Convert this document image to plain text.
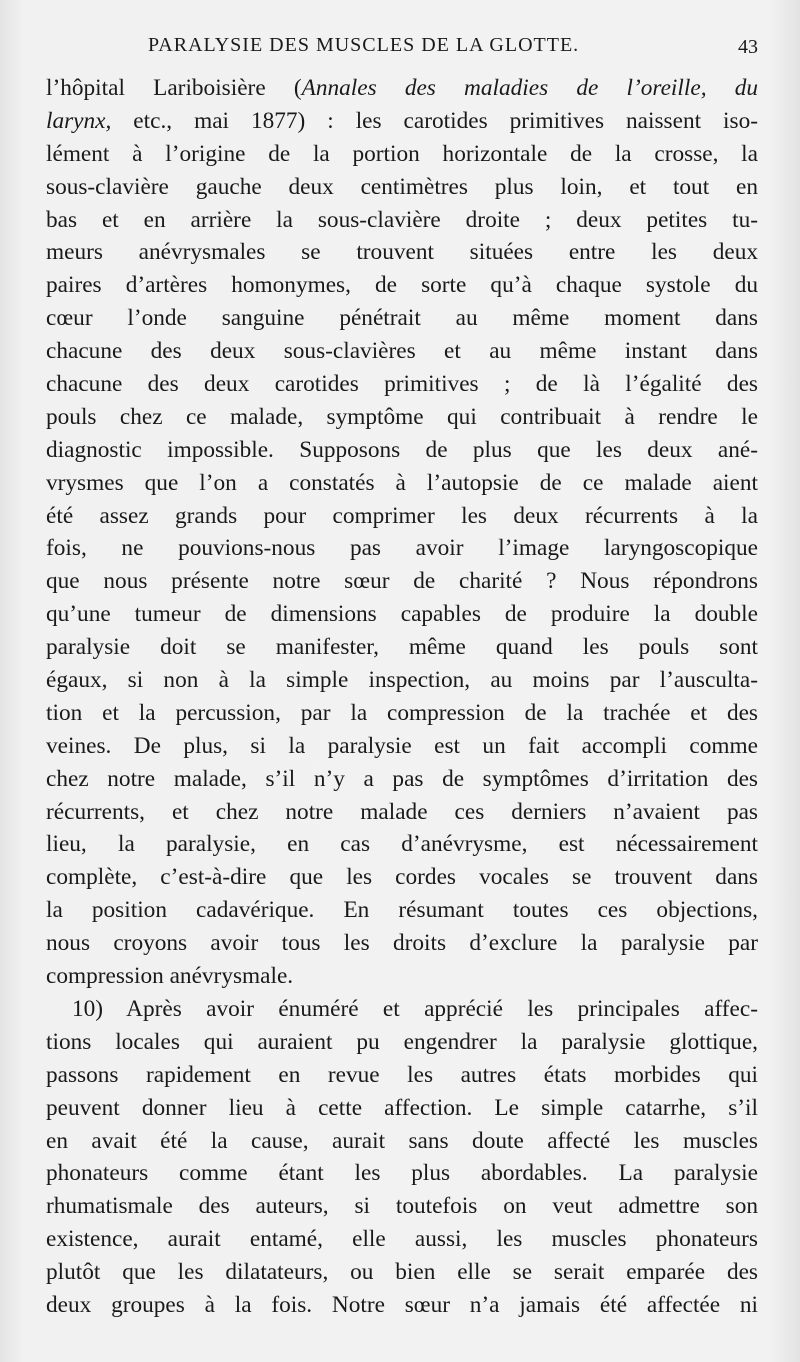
PARALYSIE DES MUSCLES DE LA GLOTTE.	43
l’hôpital Lariboisière (Annales des maladies de l’oreille, du
larynx, etc., mai 1877) : les carotides primitives naissent iso-
lément à l’origine de la portion horizontale de la crosse, la
sous-clavière gauche deux centimètres plus loin, et tout en
bas et en arrière la sous-clavière droite ; deux petites tu-
meurs anévrysmales se trouvent situées entre les deux
paires d’artères homonymes, de sorte qu’à chaque systole du
cœur l’onde sanguine pénétrait au même moment dans
chacune des deux sous-clavières et au même instant dans
chacune des deux carotides primitives ; de là l’égalité des
pouls chez ce malade, symptôme qui contribuait à rendre le
diagnostic impossible. Supposons de plus que les deux ané-
vrysmes que l’on a constatés à l’autopsie de ce malade aient
été assez grands pour comprimer les deux récurrents à la
fois, ne pouvions-nous pas avoir l’image laryngoscopique
que nous présente notre sœur de charité ? Nous répondrons
qu’une tumeur de dimensions capables de produire la double
paralysie doit se manifester, même quand les pouls sont
égaux, si non à la simple inspection, au moins par l’ausculta-
tion et la percussion, par la compression de la trachée et des
veines. De plus, si la paralysie est un fait accompli comme
chez notre malade, s’il n’y a pas de symptômes d’irritation des
récurrents, et chez notre malade ces derniers n’avaient pas
lieu, la paralysie, en cas d’anévrysme, est nécessairement
complète, c’est-à-dire que les cordes vocales se trouvent dans
la position cadavérique. En résumant toutes ces objections,
nous croyons avoir tous les droits d’exclure la paralysie par
compression anévrysmale.
10) Après avoir énuméré et apprécié les principales affec-
tions locales qui auraient pu engendrer la paralysie glottique,
passons rapidement en revue les autres états morbides qui
peuvent donner lieu à cette affection. Le simple catarrhe, s’il
en avait été la cause, aurait sans doute affecté les muscles
phonateurs comme étant les plus abordables. La paralysie
rhumatismale des auteurs, si toutefois on veut admettre son
existence, aurait entamé, elle aussi, les muscles phonateurs
plutôt que les dilatateurs, ou bien elle se serait emparée des
deux groupes à la fois. Notre sœur n’a jamais été affectée ni
